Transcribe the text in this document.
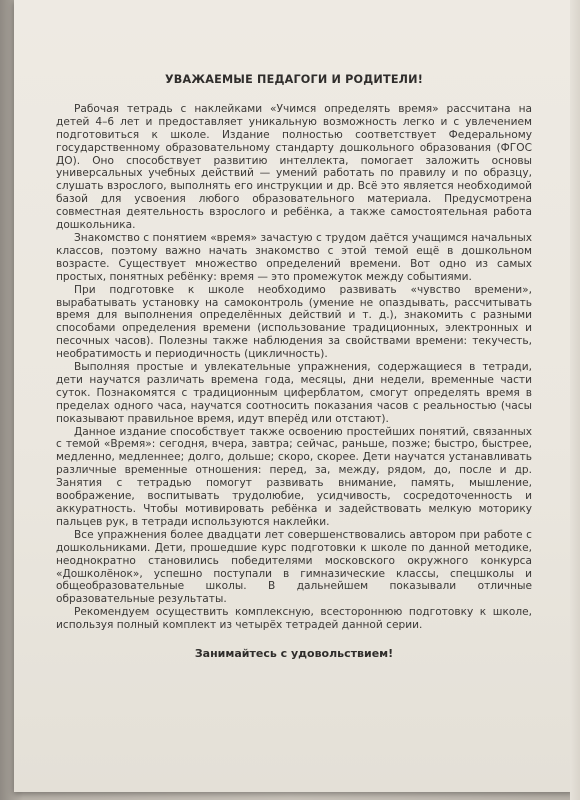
УВАЖАЕМЫЕ ПЕДАГОГИ И РОДИТЕЛИ!

Рабочая тетрадь с наклейками «Учимся определять время» рассчитана на детей 4–6 лет и предоставляет уникальную возможность легко и с увлечением подготовиться к школе. Издание полностью соответствует Федеральному государственному образовательному стандарту дошкольного образования (ФГОС ДО). Оно способствует развитию интеллекта, помогает заложить основы универсальных учебных действий — умений работать по правилу и по образцу, слушать взрослого, выполнять его инструкции и др. Всё это является необходимой базой для усвоения любого образовательного материала. Предусмотрена совместная деятельность взрослого и ребёнка, а также самостоятельная работа дошкольника.

Знакомство с понятием «время» зачастую с трудом даётся учащимся начальных классов, поэтому важно начать знакомство с этой темой ещё в дошкольном возрасте. Существует множество определений времени. Вот одно из самых простых, понятных ребёнку: время — это промежуток между событиями.

При подготовке к школе необходимо развивать «чувство времени», вырабатывать установку на самоконтроль (умение не опаздывать, рассчитывать время для выполнения определённых действий и т. д.), знакомить с разными способами определения времени (использование традиционных, электронных и песочных часов). Полезны также наблюдения за свойствами времени: текучесть, необратимость и периодичность (цикличность).

Выполняя простые и увлекательные упражнения, содержащиеся в тетради, дети научатся различать времена года, месяцы, дни недели, временные части суток. Познакомятся с традиционным циферблатом, смогут определять время в пределах одного часа, научатся соотносить показания часов с реальностью (часы показывают правильное время, идут вперёд или отстают).

Данное издание способствует также освоению простейших понятий, связанных с темой «Время»: сегодня, вчера, завтра; сейчас, раньше, позже; быстро, быстрее, медленно, медленнее; долго, дольше; скоро, скорее. Дети научатся устанавливать различные временные отношения: перед, за, между, рядом, до, после и др. Занятия с тетрадью помогут развивать внимание, память, мышление, воображение, воспитывать трудолюбие, усидчивость, сосредоточенность и аккуратность. Чтобы мотивировать ребёнка и задействовать мелкую моторику пальцев рук, в тетради используются наклейки.

Все упражнения более двадцати лет совершенствовались автором при работе с дошкольниками. Дети, прошедшие курс подготовки к школе по данной методике, неоднократно становились победителями московского окружного конкурса «Дошколёнок», успешно поступали в гимназические классы, спецшколы и общеобразовательные школы. В дальнейшем показывали отличные образовательные результаты.

Рекомендуем осуществить комплексную, всестороннюю подготовку к школе, используя полный комплект из четырёх тетрадей данной серии.

Занимайтесь с удовольствием!
